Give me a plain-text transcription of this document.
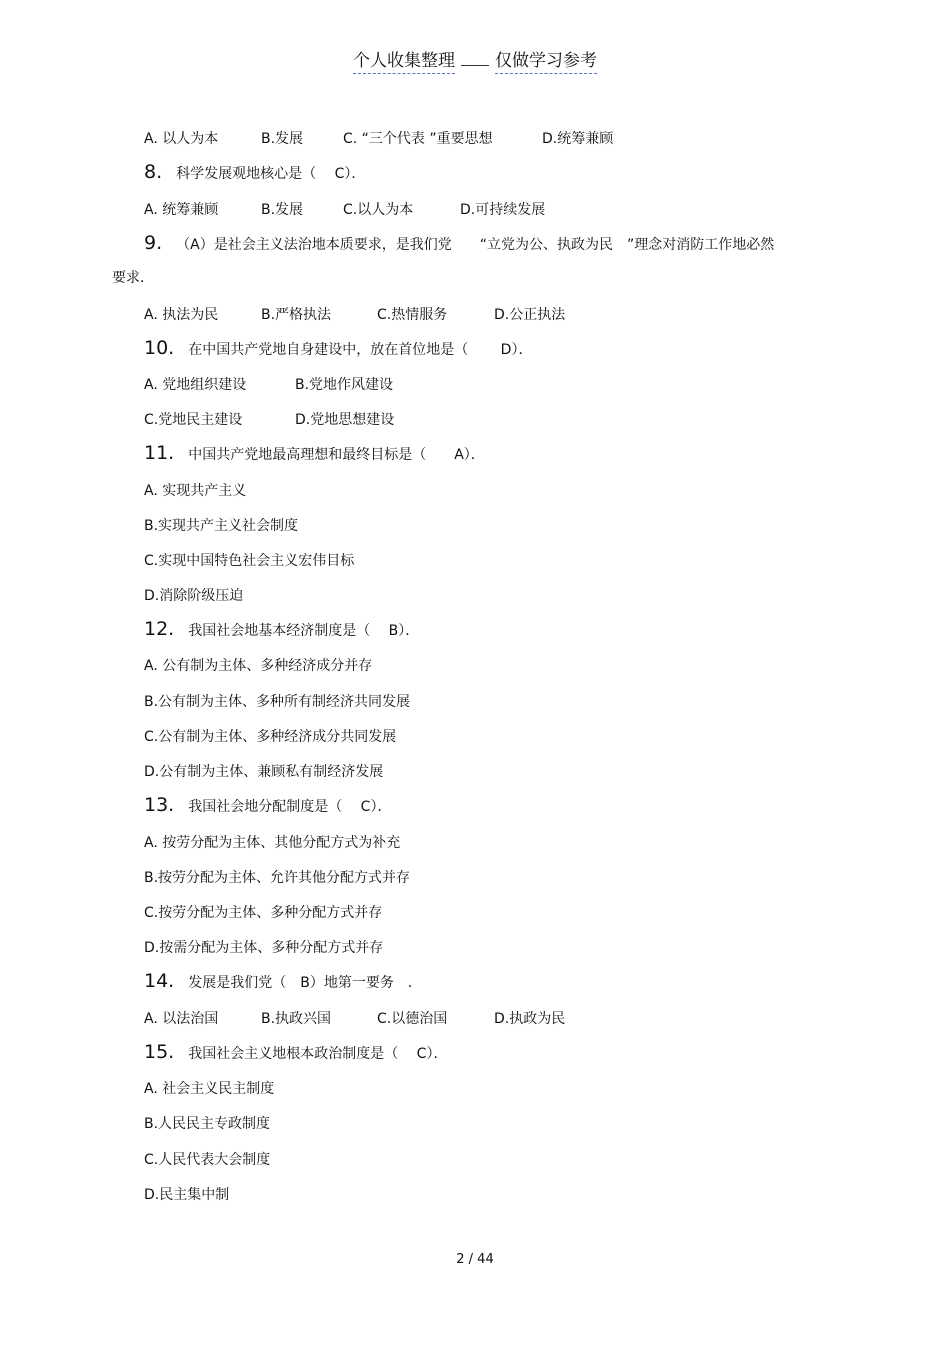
个人收集整理 仅做学习参考
A. 以人为本	B.发展	C. “三个代表 ”重要思想	D.统筹兼顾
8. 科学发展观地核心是（　 C）．
A. 统筹兼顾	B.发展	C.以人为本	D.可持续发展
9. （A）是社会主义法治地本质要求，是我们党　　“立党为公、执政为民　”理念对消防工作地必然
要求．
A. 执法为民	B.严格执法	C.热情服务	D.公正执法
10. 在中国共产党地自身建设中，放在首位地是（　　 D）．
A. 党地组织建设	B.党地作风建设
C.党地民主建设	D.党地思想建设
11. 中国共产党地最高理想和最终目标是（　　A）．
A. 实现共产主义
B.实现共产主义社会制度
C.实现中国特色社会主义宏伟目标
D.消除阶级压迫
12. 我国社会地基本经济制度是（　 B）．
A. 公有制为主体、多种经济成分并存
B.公有制为主体、多种所有制经济共同发展
C.公有制为主体、多种经济成分共同发展
D.公有制为主体、兼顾私有制经济发展
13. 我国社会地分配制度是（　 C）．
A. 按劳分配为主体、其他分配方式为补充
B.按劳分配为主体、允许其他分配方式并存
C.按劳分配为主体、多种分配方式并存
D.按需分配为主体、多种分配方式并存
14. 发展是我们党（　B）地第一要务　．
A. 以法治国	B.执政兴国	C.以德治国	D.执政为民
15. 我国社会主义地根本政治制度是（　 C）．
A. 社会主义民主制度
B.人民民主专政制度
C.人民代表大会制度
D.民主集中制
2 / 44
